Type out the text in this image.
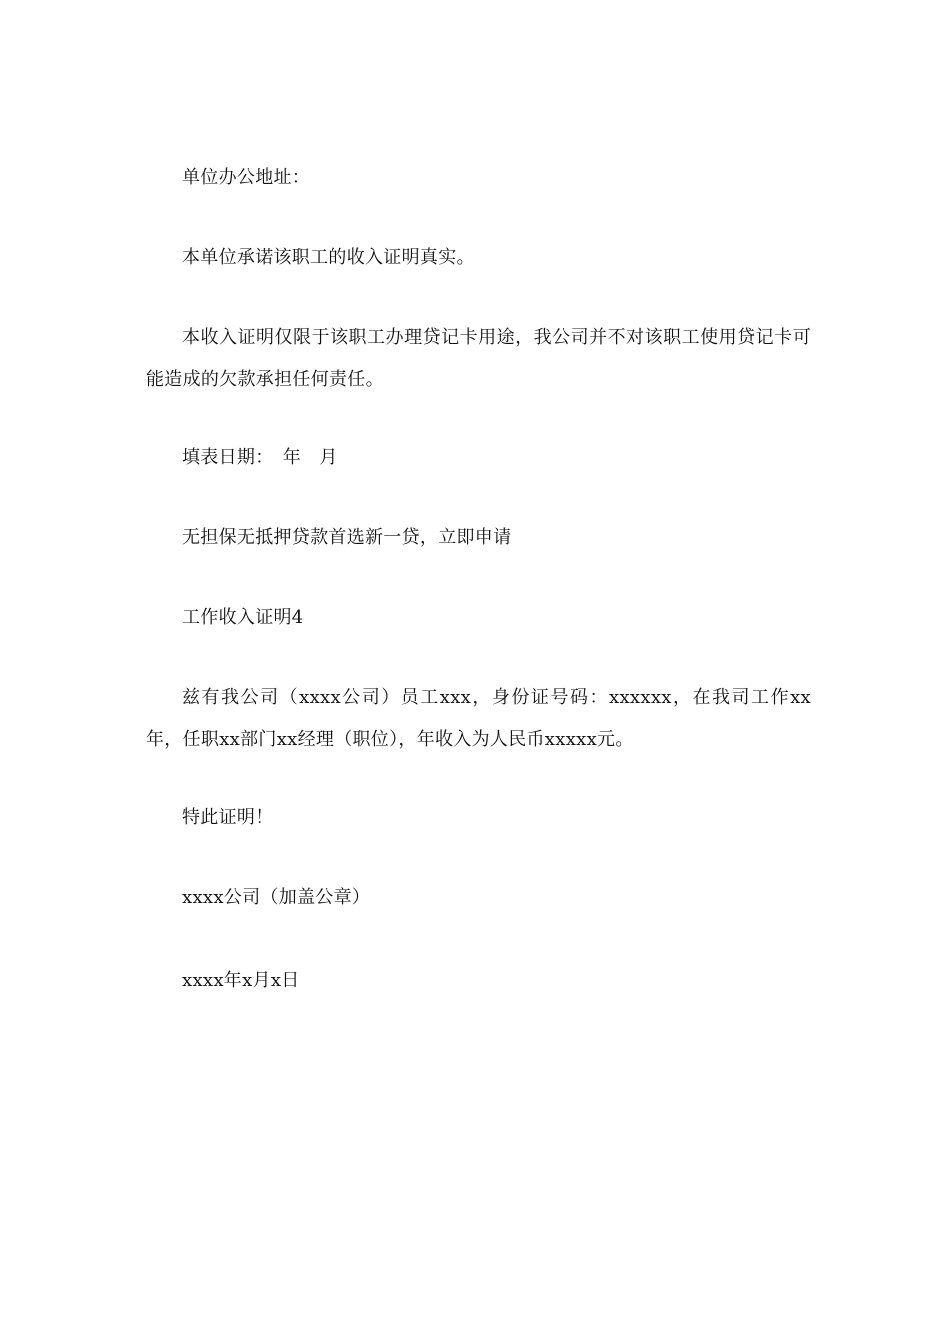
单位办公地址：
本单位承诺该职工的收入证明真实。
本收入证明仅限于该职工办理贷记卡用途，我公司并不对该职工使用贷记卡可能造成的欠款承担任何责任。
填表日期：　年　月
无担保无抵押贷款首选新一贷，立即申请
工作收入证明4
兹有我公司（xxxx公司）员工xxx，身份证号码：xxxxxx，在我司工作xx年，任职xx部门xx经理（职位），年收入为人民币xxxxx元。
特此证明！
xxxx公司（加盖公章）
xxxx年x月x日
